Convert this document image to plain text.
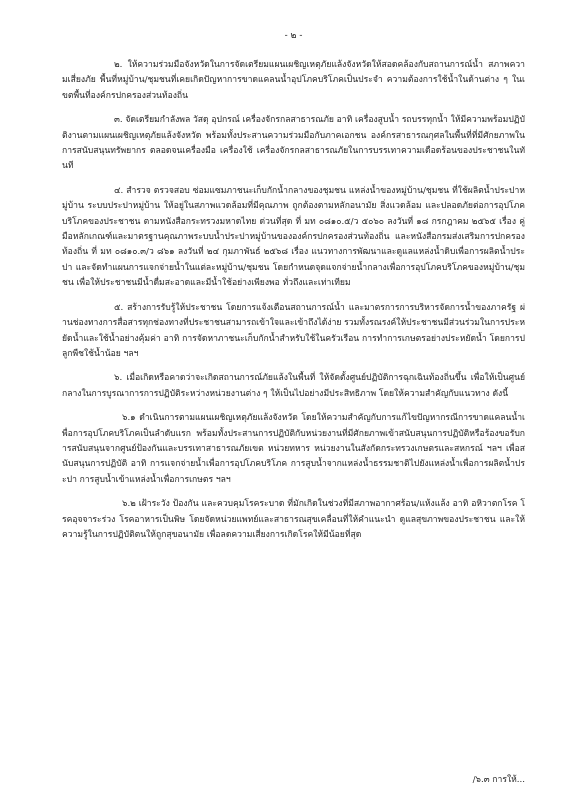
- ๒ -

๒. ให้ความร่วมมือจังหวัดในการจัดเตรียมแผนเผชิญเหตุภัยแล้งจังหวัดให้สอดคล้องกับสถานการณ์น้ำ สภาพความเสี่ยงภัย พื้นที่หมู่บ้าน/ชุมชนที่เคยเกิดปัญหาการขาดแคลนน้ำอุปโภคบริโภคเป็นประจำ ความต้องการใช้น้ำในด้านต่าง ๆ ในเขตพื้นที่องค์กรปกครองส่วนท้องถิ่น

๓. จัดเตรียมกำลังพล วัสดุ อุปกรณ์ เครื่องจักรกลสาธารณภัย อาทิ เครื่องสูบน้ำ รถบรรทุกน้ำ ให้มีความพร้อมปฏิบัติงานตามแผนเผชิญเหตุภัยแล้งจังหวัด พร้อมทั้งประสานความร่วมมือกับภาคเอกชน องค์กรสาธารณกุศลในพื้นที่ที่มีศักยภาพในการสนับสนุนทรัพยากร ตลอดจนเครื่องมือ เครื่องใช้ เครื่องจักรกลสาธารณภัยในการบรรเทาความเดือดร้อนของประชาชนในทันที

๔. สำรวจ ตรวจสอบ ซ่อมแซมภาชนะเก็บกักน้ำกลางของชุมชน แหล่งน้ำของหมู่บ้าน/ชุมชน ที่ใช้ผลิตน้ำประปาหมู่บ้าน ระบบประปาหมู่บ้าน ให้อยู่ในสภาพแวดล้อมที่มีคุณภาพ ถูกต้องตามหลักอนามัย สิ่งแวดล้อม และปลอดภัยต่อการอุปโภคบริโภคของประชาชน ตามหนังสือกระทรวงมหาดไทย ด่วนที่สุด ที่ มท ๐๘๑๐.๕/ว ๕๐๖๐ ลงวันที่ ๑๘ กรกฎาคม ๒๕๖๕ เรื่อง คู่มือหลักเกณฑ์และมาตรฐานคุณภาพระบบน้ำประปาหมู่บ้านขององค์กรปกครองส่วนท้องถิ่น และหนังสือกรมส่งเสริมการปกครองท้องถิ่น ที่ มท ๐๘๑๐.๓/ว ๘๖๑ ลงวันที่ ๒๔ กุมภาพันธ์ ๒๕๖๘ เรื่อง แนวทางการพัฒนาและดูแลแหล่งน้ำดิบเพื่อการผลิตน้ำประปา และจัดทำแผนการแจกจ่ายน้ำในแต่ละหมู่บ้าน/ชุมชน โดยกำหนดจุดแจกจ่ายน้ำกลางเพื่อการอุปโภคบริโภคของหมู่บ้าน/ชุมชน เพื่อให้ประชาชนมีน้ำดื่มสะอาดและมีน้ำใช้อย่างเพียงพอ ทั่วถึงและเท่าเทียม

๕. สร้างการรับรู้ให้ประชาชน โดยการแจ้งเตือนสถานการณ์น้ำ และมาตรการการบริหารจัดการน้ำของภาครัฐ ผ่านช่องทางการสื่อสารทุกช่องทางที่ประชาชนสามารถเข้าใจและเข้าถึงได้ง่าย รวมทั้งรณรงค์ให้ประชาชนมีส่วนร่วมในการประหยัดน้ำและใช้น้ำอย่างคุ้มค่า อาทิ การจัดหาภาชนะเก็บกักน้ำสำหรับใช้ในครัวเรือน การทำการเกษตรอย่างประหยัดน้ำ โดยการปลูกพืชใช้น้ำน้อย ฯลฯ

๖. เมื่อเกิดหรือคาดว่าจะเกิดสถานการณ์ภัยแล้งในพื้นที่ ให้จัดตั้งศูนย์ปฏิบัติการฉุกเฉินท้องถิ่นขึ้น เพื่อให้เป็นศูนย์กลางในการบูรณาการการปฏิบัติระหว่างหน่วยงานต่าง ๆ ให้เป็นไปอย่างมีประสิทธิภาพ โดยให้ความสำคัญกับแนวทาง ดังนี้

๖.๑ ดำเนินการตามแผนเผชิญเหตุภัยแล้งจังหวัด โดยให้ความสำคัญกับการแก้ไขปัญหากรณีการขาดแคลนน้ำเพื่อการอุปโภคบริโภคเป็นลำดับแรก พร้อมทั้งประสานการปฏิบัติกับหน่วยงานที่มีศักยภาพเข้าสนับสนุนการปฏิบัติหรือร้องขอรับการสนับสนุนจากศูนย์ป้องกันและบรรเทาสาธารณภัยเขต หน่วยทหาร หน่วยงานในสังกัดกระทรวงเกษตรและสหกรณ์ ฯลฯ เพื่อสนับสนุนการปฏิบัติ อาทิ การแจกจ่ายน้ำเพื่อการอุปโภคบริโภค การสูบน้ำจากแหล่งน้ำธรรมชาติไปยังแหล่งน้ำเพื่อการผลิตน้ำประปา การสูบน้ำเข้าแหล่งน้ำเพื่อการเกษตร ฯลฯ

๖.๒ เฝ้าระวัง ป้องกัน และควบคุมโรคระบาด ที่มักเกิดในช่วงที่มีสภาพอากาศร้อน/แห้งแล้ง อาทิ อหิวาตกโรค โรคอุจจาระร่วง โรคอาหารเป็นพิษ โดยจัดหน่วยแพทย์และสาธารณสุขเคลื่อนที่ให้คำแนะนำ ดูแลสุขภาพของประชาชน และให้ความรู้ในการปฏิบัติตนให้ถูกสุขอนามัย เพื่อลดความเสี่ยงการเกิดโรคให้มีน้อยที่สุด

/๖.๓ การให้...
